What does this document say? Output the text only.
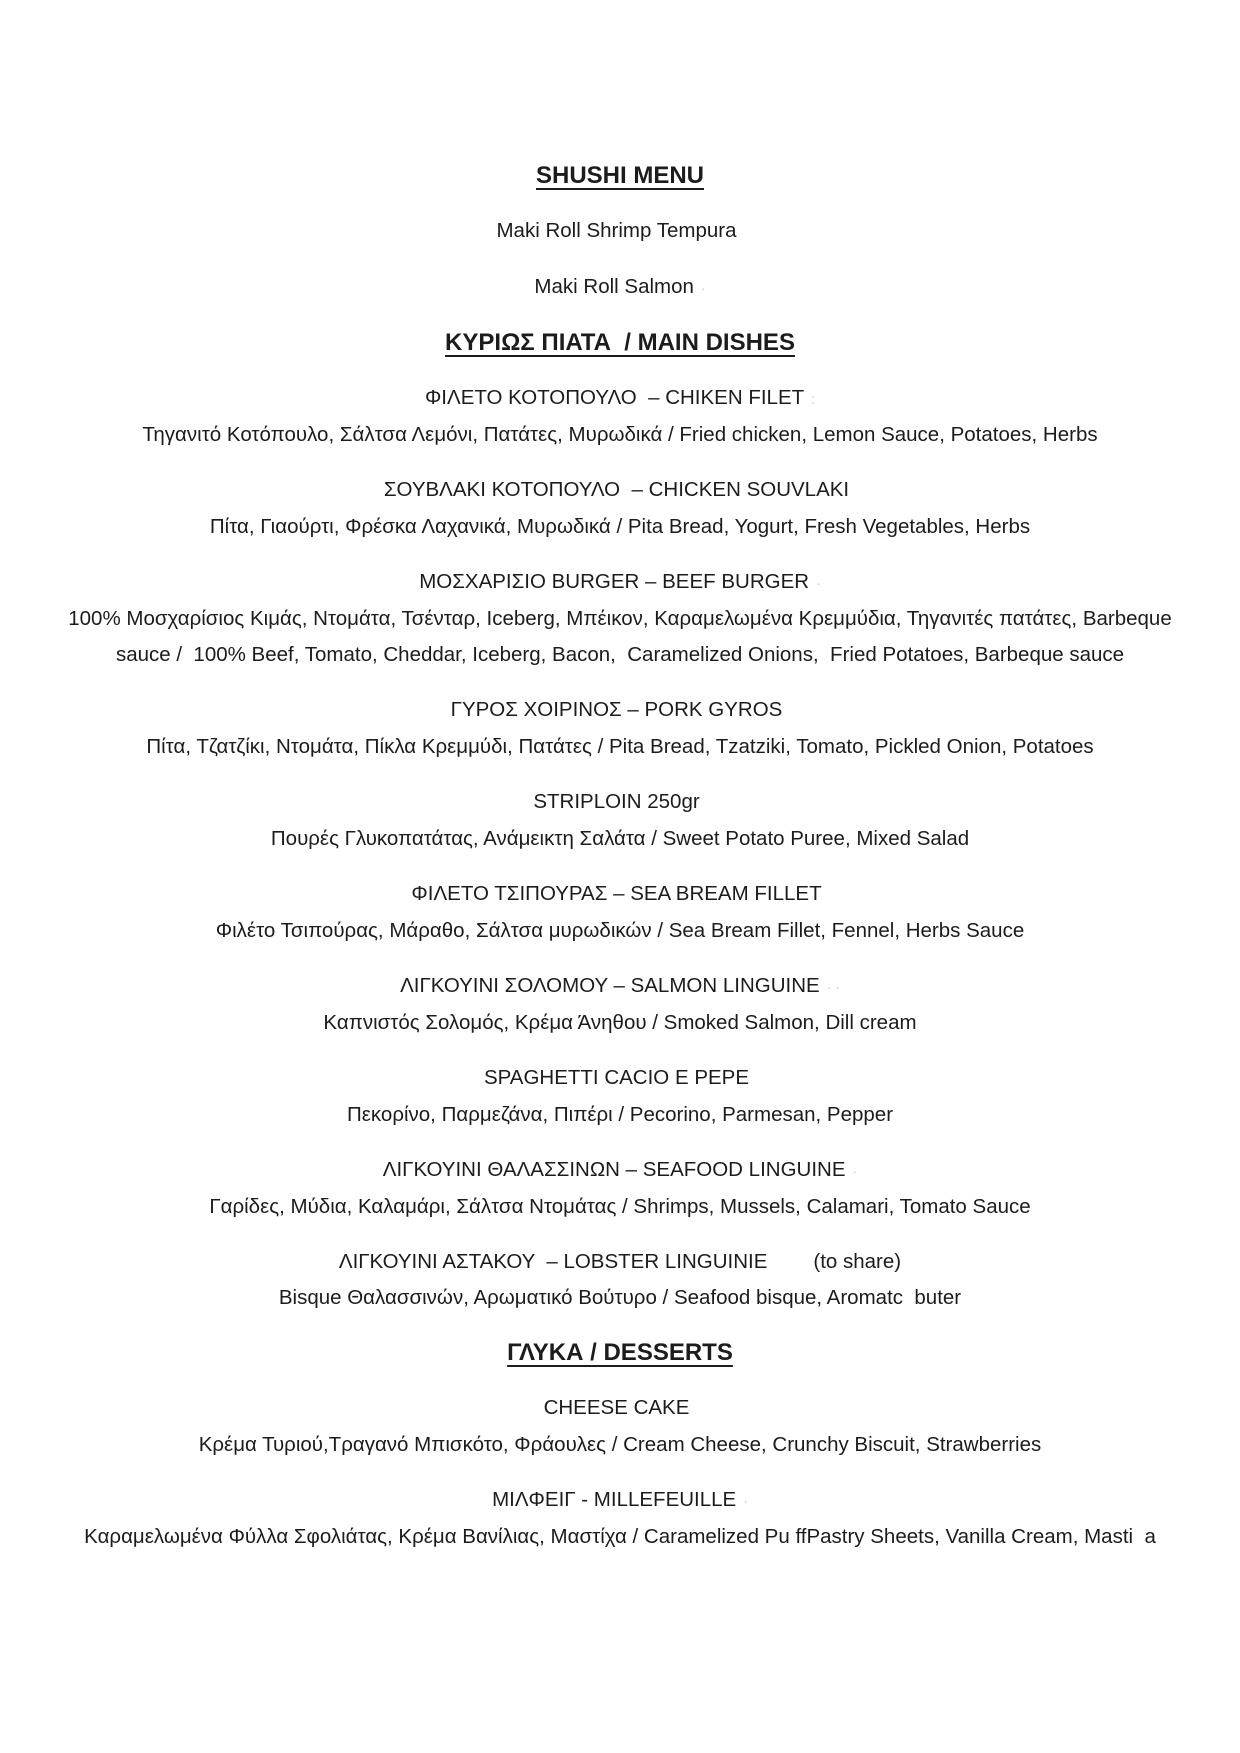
SHUSHI MENU

Maki Roll Shrimp Tempura

Maki Roll Salmon ·

ΚΥΡΙΩΣ ΠΙΑΤΑ  / MAIN DISHES
ΦΙΛΕΤΟ ΚΟΤΟΠΟΥΛΟ  – CHIKEN FILET :
Τηγανιτό Κοτόπουλο, Σάλτσα Λεμόνι, Πατάτες, Μυρωδικά / Fried chicken, Lemon Sauce, Potatoes, Herbs
ΣΟΥΒΛΑΚΙ ΚΟΤΟΠΟΥΛΟ  – CHICKEN SOUVLAKI
Πίτα, Γιαούρτι, Φρέσκα Λαχανικά, Μυρωδικά / Pita Bread, Yogurt, Fresh Vegetables, Herbs
ΜΟΣΧΑΡΙΣΙΟ BURGER – BEEF BURGER ·
100% Μοσχαρίσιος Κιμάς, Ντομάτα, Τσένταρ, Iceberg, Μπέικον, Καραμελωμένα Κρεμμύδια, Τηγανιτές πατάτες, Barbeque sauce /  100% Beef, Tomato, Cheddar, Iceberg, Bacon,  Caramelized Onions,  Fried Potatoes, Barbeque sauce
ΓΥΡΟΣ ΧΟΙΡΙΝΟΣ – PORK GYROS
Πίτα, Τζατζίκι, Ντομάτα, Πίκλα Κρεμμύδι, Πατάτες / Pita Bread, Tzatziki, Tomato, Pickled Onion, Potatoes
STRIPLOIN 250gr
Πουρές Γλυκοπατάτας, Ανάμεικτη Σαλάτα / Sweet Potato Puree, Mixed Salad
ΦΙΛΕΤΟ ΤΣΙΠΟΥΡΑΣ – SEA BREAM FILLET
Φιλέτο Τσιπούρας, Μάραθο, Σάλτσα μυρωδικών / Sea Bream Fillet, Fennel, Herbs Sauce
ΛΙΓΚΟΥΙΝΙ ΣΟΛΟΜΟΥ – SALMON LINGUINE · ·
Καπνιστός Σολομός, Κρέμα Άνηθου / Smoked Salmon, Dill cream
SPAGHETTI CACIO E PEPE
Πεκορίνο, Παρμεζάνα, Πιπέρι / Pecorino, Parmesan, Pepper
ΛΙΓΚΟΥΙΝΙ ΘΑΛΑΣΣΙΝΩΝ – SEAFOOD LINGUINE ·
Γαρίδες, Μύδια, Καλαμάρι, Σάλτσα Ντομάτας / Shrimps, Mussels, Calamari, Tomato Sauce
ΛΙΓΚΟΥΙΝΙ ΑΣΤΑΚΟΥ  – LOBSTER LINGUINIE (to share)
Bisque Θαλασσινών, Αρωματικό Βούτυρο / Seafood bisque, Aromatc  buter
ΓΛΥΚΑ / DESSERTS
CHEESE CAKE
Κρέμα Τυριού,Τραγανό Μπισκότο, Φράουλες / Cream Cheese, Crunchy Biscuit, Strawberries
ΜΙΛΦΕΙΓ - MILLEFEUILLE ·
Καραμελωμένα Φύλλα Σφολιάτας, Κρέμα Βανίλιας, Μαστίχα / Caramelized Pu ffPastry Sheets, Vanilla Cream, Masti  a
